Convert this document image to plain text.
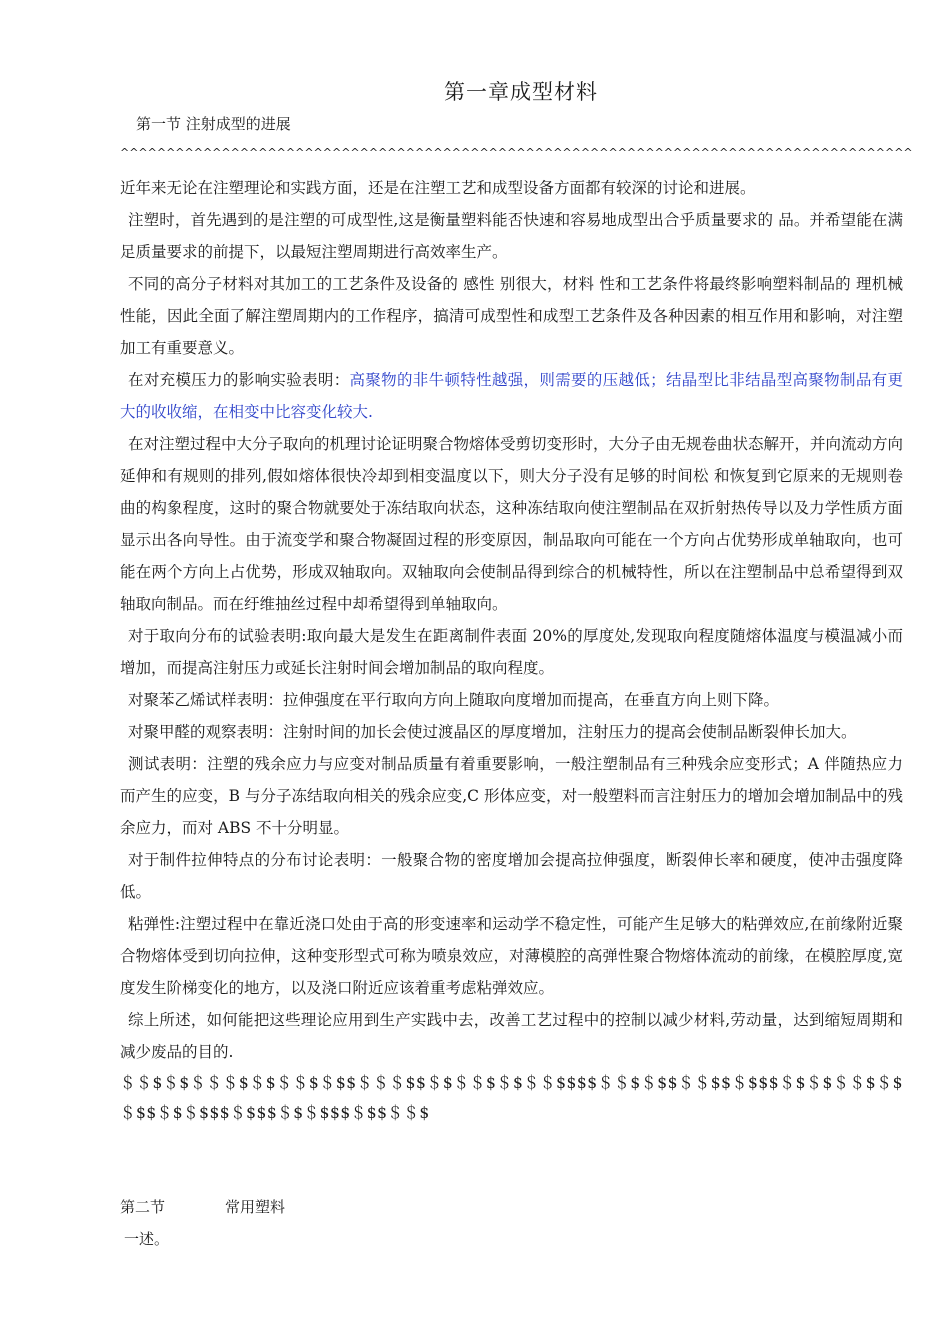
第一章成型材料
第一节 注射成型的进展
^^^^^^^^^^^^^^^^^^^^^^^^^^^^^^^^^^^^^^^^^^^^^^^^^^^^^^^^^^^^^^^^^^^^^^^^^^^^^^^^^^^^^^

近年来无论在注塑理论和实践方面，还是在注塑工艺和成型设备方面都有较深的讨论和进展。

注塑时，首先遇到的是注塑的可成型性,这是衡量塑料能否快速和容易地成型出合乎质量要求的 品。并希望能在满足质量要求的前提下，以最短注塑周期进行高效率生产。

不同的高分子材料对其加工的工艺条件及设备的 感性 别很大，材料 性和工艺条件将最终影响塑料制品的 理机械性能，因此全面了解注塑周期内的工作程序，搞清可成型性和成型工艺条件及各种因素的相互作用和影响，对注塑加工有重要意义。

在对充模压力的影响实验表明：高聚物的非牛顿特性越强，则需要的压越低；结晶型比非结晶型高聚物制品有更大的收收缩，在相变中比容变化较大.

在对注塑过程中大分子取向的机理讨论证明聚合物熔体受剪切变形时，大分子由无规卷曲状态解开，并向流动方向延伸和有规则的排列,假如熔体很快冷却到相变温度以下，则大分子没有足够的时间松 和恢复到它原来的无规则卷曲的构象程度，这时的聚合物就要处于冻结取向状态，这种冻结取向使注塑制品在双折射热传导以及力学性质方面显示出各向导性。由于流变学和聚合物凝固过程的形变原因，制品取向可能在一个方向占优势形成单轴取向，也可能在两个方向上占优势，形成双轴取向。双轴取向会使制品得到综合的机械特性，所以在注塑制品中总希望得到双轴取向制品。而在纡维抽丝过程中却希望得到单轴取向。

对于取向分布的试验表明:取向最大是发生在距离制件表面 20%的厚度处,发现取向程度随熔体温度与模温减小而增加，而提高注射压力或延长注射时间会增加制品的取向程度。

对聚苯乙烯试样表明：拉伸强度在平行取向方向上随取向度增加而提高，在垂直方向上则下降。

对聚甲醛的观察表明：注射时间的加长会使过渡晶区的厚度增加，注射压力的提高会使制品断裂伸长加大。

测试表明：注塑的残余应力与应变对制品质量有着重要影响，一般注塑制品有三种残余应变形式；A 伴随热应力而产生的应变，B 与分子冻结取向相关的残余应变,C 形体应变，对一般塑料而言注射压力的增加会增加制品中的残余应力，而对 ABS 不十分明显。

对于制件拉伸特点的分布讨论表明：一般聚合物的密度增加会提高拉伸强度，断裂伸长率和硬度，使冲击强度降低。

粘弹性:注塑过程中在靠近浇口处由于高的形变速率和运动学不稳定性，可能产生足够大的粘弹效应,在前缘附近聚合物熔体受到切向拉伸，这种变形型式可称为喷泉效应，对薄模腔的高弹性聚合物熔体流动的前缘，在模腔厚度,宽度发生阶梯变化的地方，以及浇口附近应该着重考虑粘弹效应。

综上所述，如何能把这些理论应用到生产实践中去，改善工艺过程中的控制以减少材料,劳动量，达到缩短周期和减少废品的目的.

＄＄$＄$＄＄＄$＄$＄＄$＄$$＄＄＄$$＄$＄＄$＄$＄＄$$$$＄＄$＄$$＄＄$$＄$$$＄$＄$＄＄$＄$＄$$＄$＄$$$＄$$$＄$＄$$$＄$$＄＄$

第二节	常用塑料
一述。
